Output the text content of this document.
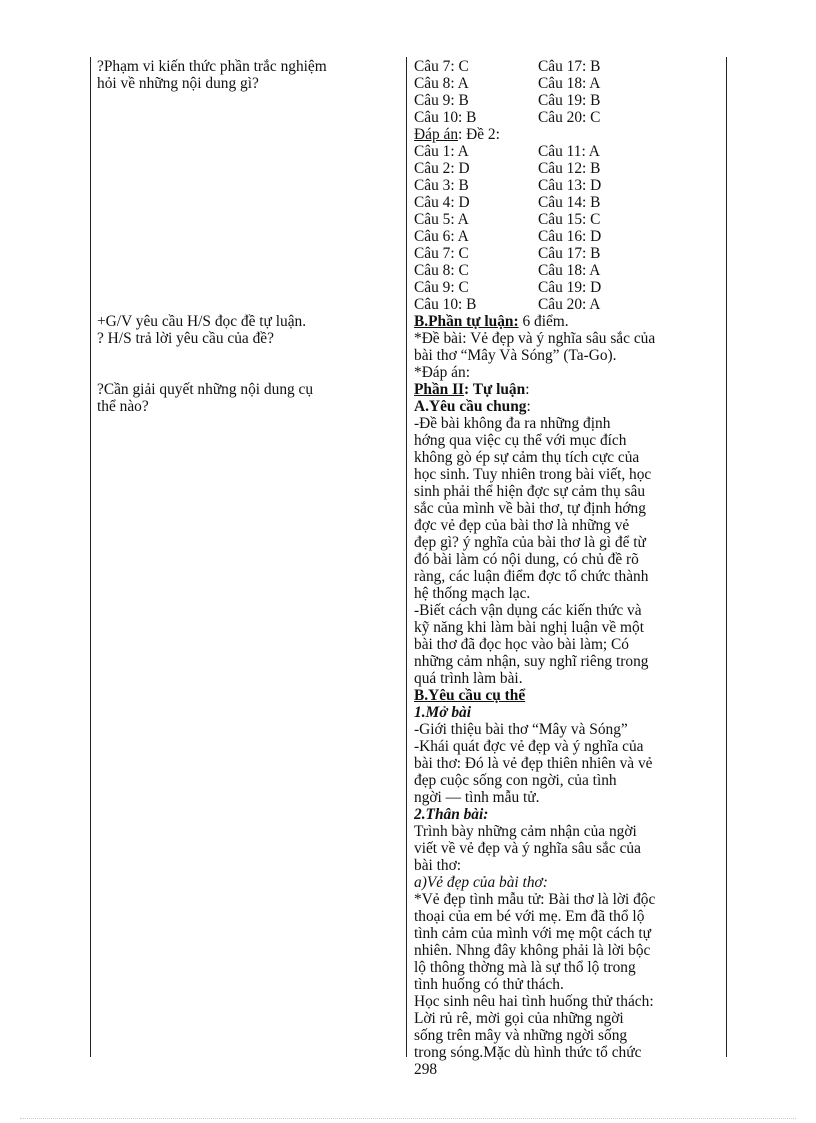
?Phạm vi kiến thức phần trắc nghiệm
hỏi về những nội dung gì?
+G/V yêu cầu H/S đọc đề tự luận.
? H/S trả lời yêu cầu của đề?
?Cần giải quyết những nội dung cụ
thể nào?
Câu 7: C	Câu 17: B
Câu 8: A	Câu 18: A
Câu 9: B	Câu 19: B
Câu 10: B	Câu 20: C
Đáp án: Đề 2:
Câu 1: A	Câu 11: A
Câu 2: D	Câu 12: B
Câu 3: B	Câu 13: D
Câu 4: D	Câu 14: B
Câu 5: A	Câu 15: C
Câu 6: A	Câu 16: D
Câu 7: C	Câu 17: B
Câu 8: C	Câu 18: A
Câu 9: C	Câu 19: D
Câu 10: B	Câu 20: A
B.Phần tự luận: 6 điểm.
*Đề bài: Vẻ đẹp và ý nghĩa sâu sắc của
bài thơ “Mây Và Sóng” (Ta-Go).
*Đáp án:
Phần II: Tự luận:
A.Yêu cầu chung:
-Đề bài không đa ra những định
hớng qua việc cụ thể với mục đích
không gò ép sự cảm thụ tích cực của
học sinh. Tuy nhiên trong bài viết, học
sinh phải thể hiện đợc sự cảm thụ sâu
sắc của mình về bài thơ, tự định hớng
đợc vẻ đẹp của bài thơ là những vẻ
đẹp gì? ý nghĩa của bài thơ là gì để từ
đó bài làm có nội dung, có chủ đề rõ
ràng, các luận điểm đợc tổ chức thành
hệ thống mạch lạc.
-Biết cách vận dụng các kiến thức và
kỹ năng khi làm bài nghị luận về một
bài thơ đã đọc học vào bài làm; Có
những cảm nhận, suy nghĩ riêng trong
quá trình làm bài.
B.Yêu cầu cụ thể
1.Mở bài
-Giới thiệu bài thơ “Mây và Sóng”
-Khái quát đợc vẻ đẹp và ý nghĩa của
bài thơ: Đó là vẻ đẹp thiên nhiên và vẻ
đẹp cuộc sống con ngời, của tình
ngời — tình mẫu tử.
2.Thân bài:
Trình bày những cảm nhận của ngời
viết về vẻ đẹp và ý nghĩa sâu sắc của
bài thơ:
a)Vẻ đẹp của bài thơ:
*Vẻ đẹp tình mẫu tử: Bài thơ là lời độc
thoại của em bé với mẹ. Em đã thổ lộ
tình cảm của mình với mẹ một cách tự
nhiên. Nhng đây không phải là lời bộc
lộ thông thờng mà là sự thổ lộ trong
tình huống có thử thách.
Học sinh nêu hai tình huống thử thách:
Lời rủ rê, mời gọi của những ngời
sống trên mây và những ngời sống
trong sóng.Mặc dù hình thức tổ chức
298
